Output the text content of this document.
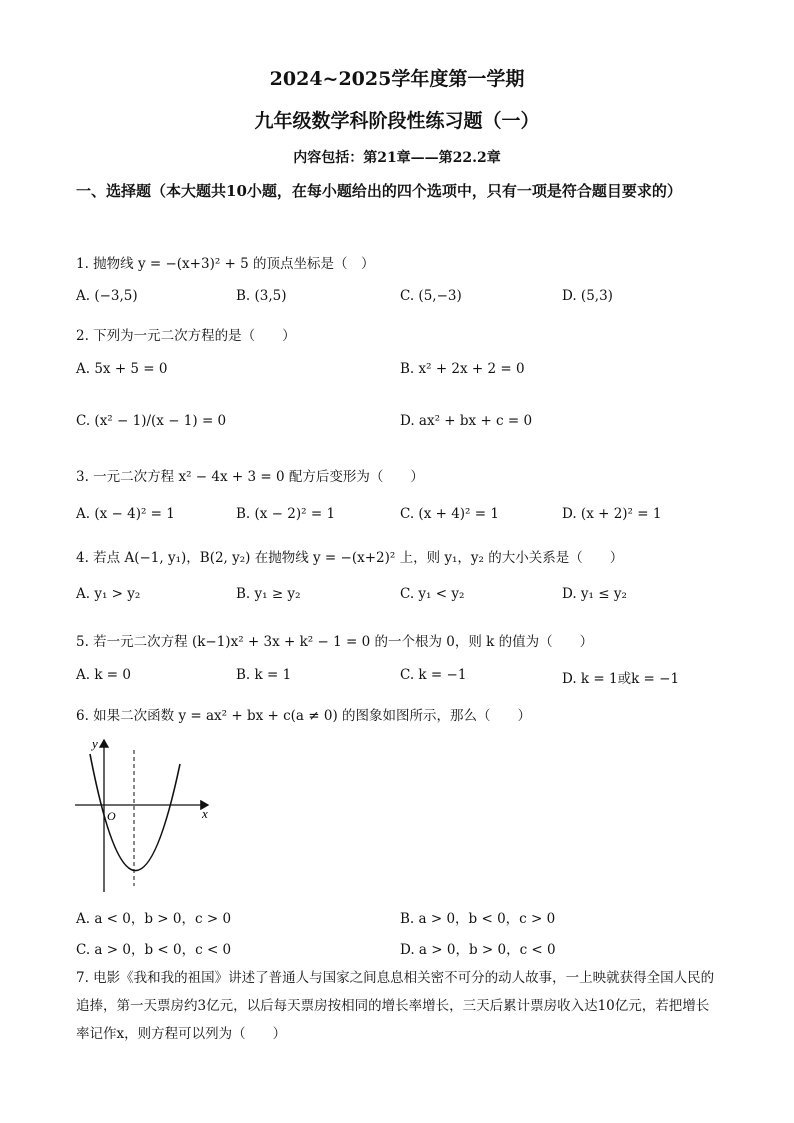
2024~2025学年度第一学期
九年级数学科阶段性练习题（一）
内容包括：第21章——第22.2章
一、选择题（本大题共10小题，在每小题给出的四个选项中，只有一项是符合题目要求的）
1. 抛物线 y = −(x+3)² + 5 的顶点坐标是（　）
A. (−3,5)	B. (3,5)	C. (5,−3)	D. (5,3)
2. 下列为一元二次方程的是（　　）
A. 5x + 5 = 0	B. x² + 2x + 2 = 0
C. (x² − 1)/(x − 1) = 0	D. ax² + bx + c = 0
3. 一元二次方程 x² − 4x + 3 = 0 配方后变形为（　　）
A. (x − 4)² = 1	B. (x − 2)² = 1	C. (x + 4)² = 1	D. (x + 2)² = 1
4. 若点 A(−1, y₁)，B(2, y₂) 在抛物线 y = −(x+2)² 上，则 y₁，y₂ 的大小关系是（　　）
A. y₁ > y₂	B. y₁ ≥ y₂	C. y₁ < y₂	D. y₁ ≤ y₂
5. 若一元二次方程 (k−1)x² + 3x + k² − 1 = 0 的一个根为 0，则 k 的值为（　　）
A. k = 0	B. k = 1	C. k = −1	D. k = 1或k = −1
6. 如果二次函数 y = ax² + bx + c(a ≠ 0) 的图象如图所示，那么（　　）
y
x
O
A. a < 0，b > 0，c > 0	B. a > 0，b < 0，c > 0
C. a > 0，b < 0，c < 0	D. a > 0，b > 0，c < 0
7. 电影《我和我的祖国》讲述了普通人与国家之间息息相关密不可分的动人故事，一上映就获得全国人民的追捧，第一天票房约3亿元，以后每天票房按相同的增长率增长，三天后累计票房收入达10亿元，若把增长率记作x，则方程可以列为（　　）
